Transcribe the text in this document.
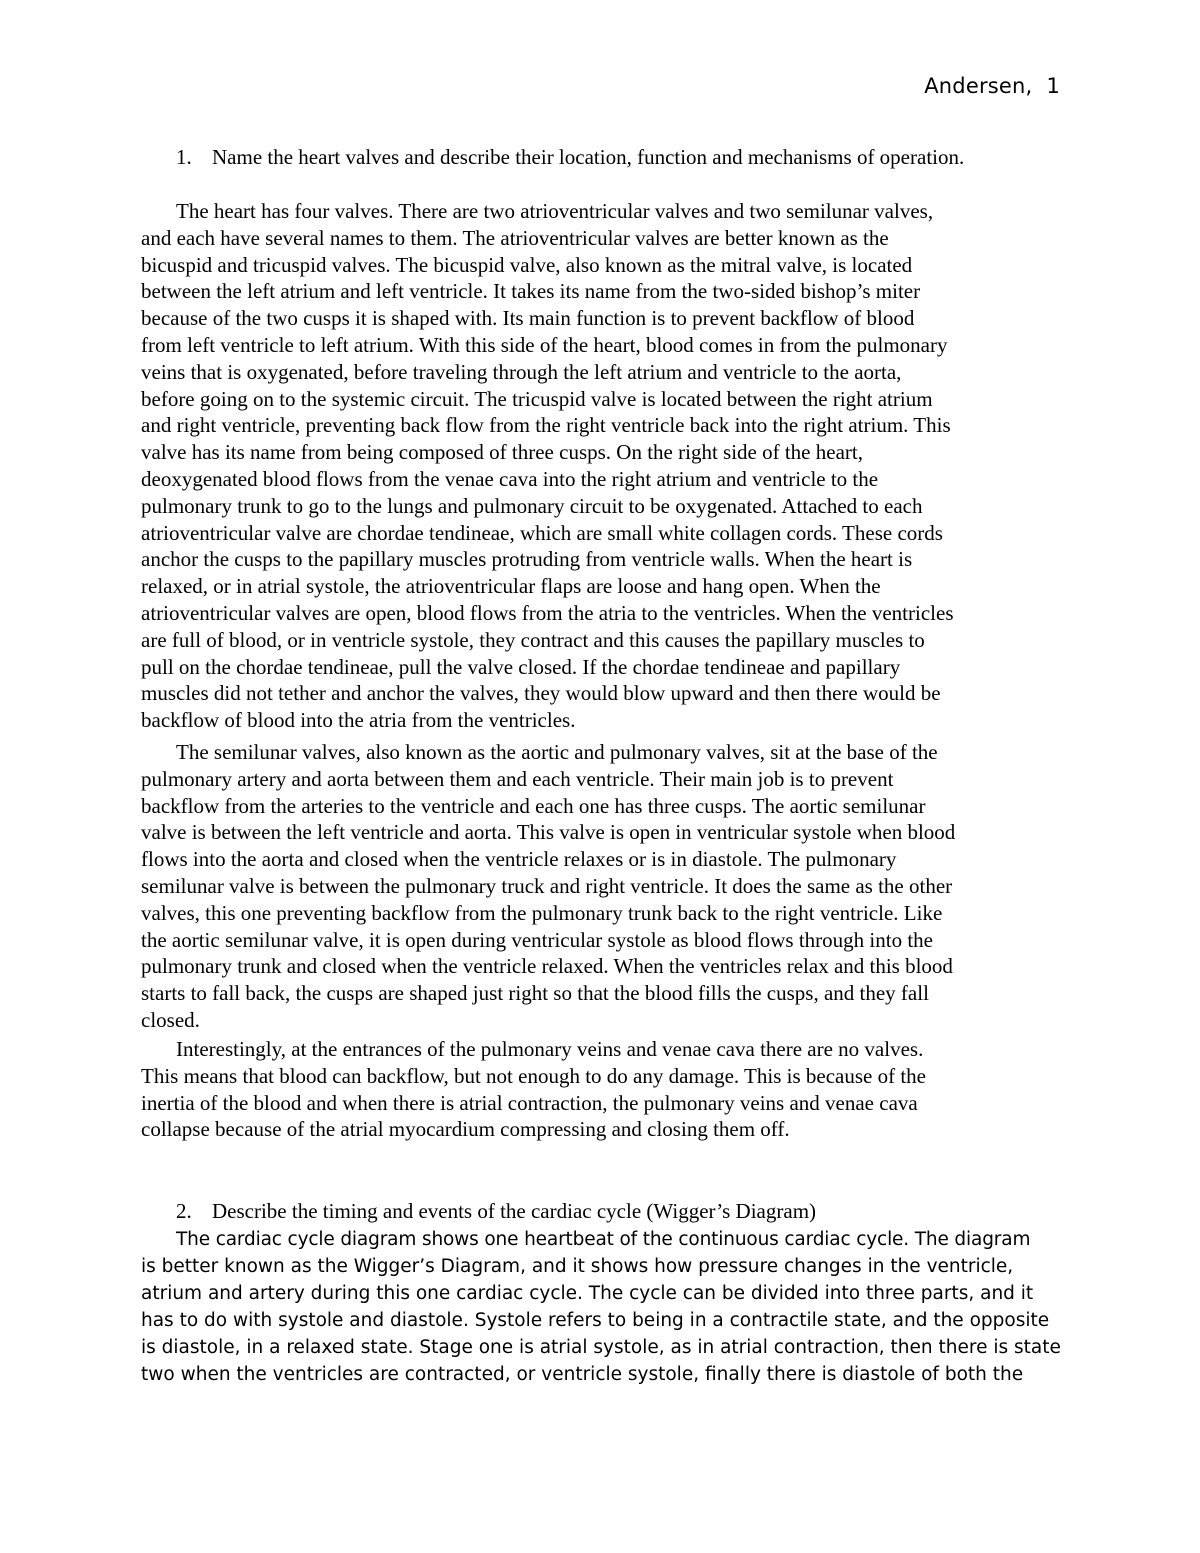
Andersen, 1
1. Name the heart valves and describe their location, function and mechanisms of operation.
The heart has four valves. There are two atrioventricular valves and two semilunar valves,
and each have several names to them. The atrioventricular valves are better known as the
bicuspid and tricuspid valves. The bicuspid valve, also known as the mitral valve, is located
between the left atrium and left ventricle. It takes its name from the two-sided bishop’s miter
because of the two cusps it is shaped with. Its main function is to prevent backflow of blood
from left ventricle to left atrium. With this side of the heart, blood comes in from the pulmonary
veins that is oxygenated, before traveling through the left atrium and ventricle to the aorta,
before going on to the systemic circuit. The tricuspid valve is located between the right atrium
and right ventricle, preventing back flow from the right ventricle back into the right atrium. This
valve has its name from being composed of three cusps. On the right side of the heart,
deoxygenated blood flows from the venae cava into the right atrium and ventricle to the
pulmonary trunk to go to the lungs and pulmonary circuit to be oxygenated. Attached to each
atrioventricular valve are chordae tendineae, which are small white collagen cords. These cords
anchor the cusps to the papillary muscles protruding from ventricle walls. When the heart is
relaxed, or in atrial systole, the atrioventricular flaps are loose and hang open. When the
atrioventricular valves are open, blood flows from the atria to the ventricles. When the ventricles
are full of blood, or in ventricle systole, they contract and this causes the papillary muscles to
pull on the chordae tendineae, pull the valve closed. If the chordae tendineae and papillary
muscles did not tether and anchor the valves, they would blow upward and then there would be
backflow of blood into the atria from the ventricles.
The semilunar valves, also known as the aortic and pulmonary valves, sit at the base of the
pulmonary artery and aorta between them and each ventricle. Their main job is to prevent
backflow from the arteries to the ventricle and each one has three cusps. The aortic semilunar
valve is between the left ventricle and aorta. This valve is open in ventricular systole when blood
flows into the aorta and closed when the ventricle relaxes or is in diastole. The pulmonary
semilunar valve is between the pulmonary truck and right ventricle. It does the same as the other
valves, this one preventing backflow from the pulmonary trunk back to the right ventricle. Like
the aortic semilunar valve, it is open during ventricular systole as blood flows through into the
pulmonary trunk and closed when the ventricle relaxed. When the ventricles relax and this blood
starts to fall back, the cusps are shaped just right so that the blood fills the cusps, and they fall
closed.
Interestingly, at the entrances of the pulmonary veins and venae cava there are no valves.
This means that blood can backflow, but not enough to do any damage. This is because of the
inertia of the blood and when there is atrial contraction, the pulmonary veins and venae cava
collapse because of the atrial myocardium compressing and closing them off.
2. Describe the timing and events of the cardiac cycle (Wigger’s Diagram)
The cardiac cycle diagram shows one heartbeat of the continuous cardiac cycle. The diagram
is better known as the Wigger’s Diagram, and it shows how pressure changes in the ventricle,
atrium and artery during this one cardiac cycle. The cycle can be divided into three parts, and it
has to do with systole and diastole. Systole refers to being in a contractile state, and the opposite
is diastole, in a relaxed state. Stage one is atrial systole, as in atrial contraction, then there is state
two when the ventricles are contracted, or ventricle systole, finally there is diastole of both the
